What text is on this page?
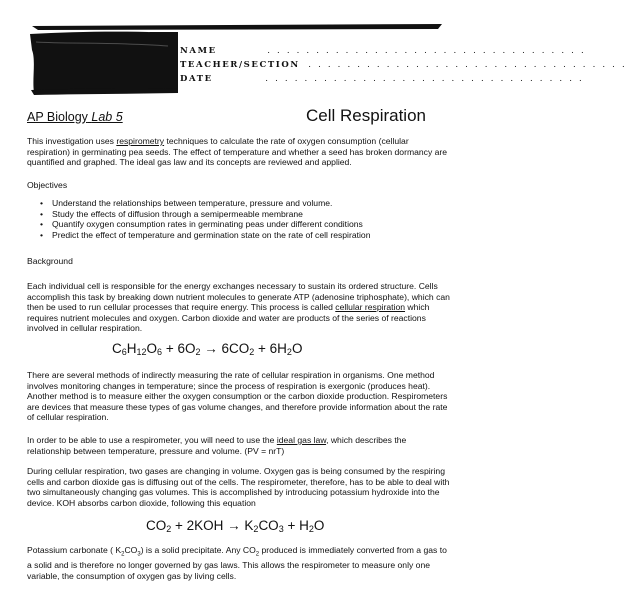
NAME	. . . . . . . . . . . . . . . . . . . . . . . . . . . . . . . . .
TEACHER/SECTION . . . . . . . . . . . . . . . . . . . . . . . . . . . . . . . . .
DATE	. . . . . . . . . . . . . . . . . . . . . . . . . . . . . . . . .
AP Biology Lab 5	Cell Respiration

This investigation uses respirometry techniques to calculate the rate of oxygen consumption (cellular respiration) in germinating pea seeds. The effect of temperature and whether a seed has broken dormancy are quantified and graphed. The ideal gas law and its concepts are reviewed and applied.

Objectives
• Understand the relationships between temperature, pressure and volume.
• Study the effects of diffusion through a semipermeable membrane
• Quantify oxygen consumption rates in germinating peas under different conditions
• Predict the effect of temperature and germination state on the rate of cell respiration
Background

Each individual cell is responsible for the energy exchanges necessary to sustain its ordered structure. Cells accomplish this task by breaking down nutrient molecules to generate ATP (adenosine triphosphate), which can then be used to run cellular processes that require energy. This process is called cellular respiration which requires nutrient molecules and oxygen. Carbon dioxide and water are products of the series of reactions involved in cellular respiration.

$C_6H_{12}O_6 + 6O_2 \to 6CO_2 + 6H_2O$

There are several methods of indirectly measuring the rate of cellular respiration in organisms. One method involves monitoring changes in temperature; since the process of respiration is exergonic (produces heat). Another method is to measure either the oxygen consumption or the carbon dioxide production. Respirometers are devices that measure these types of gas volume changes, and therefore provide information about the rate of cellular respiration.

In order to be able to use a respirometer, you will need to use the ideal gas law, which describes the relationship between temperature, pressure and volume. (PV = nrT)

During cellular respiration, two gases are changing in volume. Oxygen gas is being consumed by the respiring cells and carbon dioxide gas is diffusing out of the cells. The respirometer, therefore, has to be able to deal with two simultaneously changing gas volumes. This is accomplished by introducing potassium hydroxide into the device. KOH absorbs carbon dioxide, following this equation

$CO_2 + 2KOH \to K_2CO_3 + H_2O$

Potassium carbonate ( $K_2CO_3$) is a solid precipitate. Any $CO_2$ produced is immediately converted from a gas to a solid and is therefore no longer governed by gas laws. This allows the respirometer to measure only one variable, the consumption of oxygen gas by living cells.
